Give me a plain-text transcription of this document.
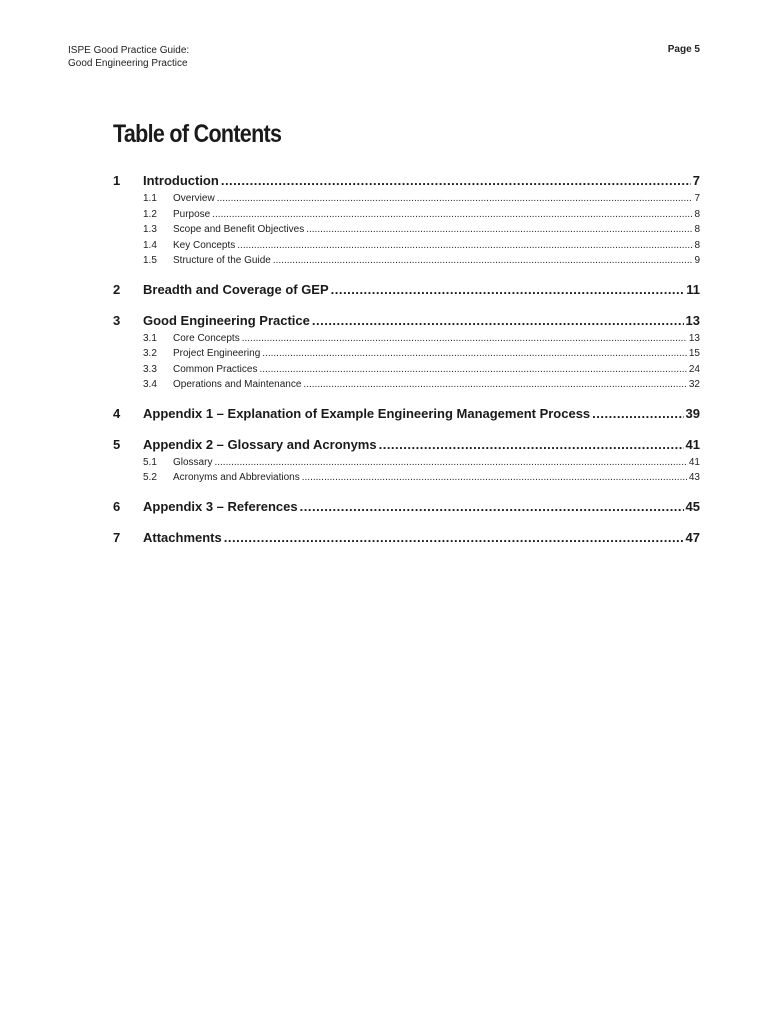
ISPE Good Practice Guide:
Good Engineering Practice
Page 5
Table of Contents
1	Introduction .....	7
1.1	Overview .....	7
1.2	Purpose .....	8
1.3	Scope and Benefit Objectives .....	8
1.4	Key Concepts .....	8
1.5	Structure of the Guide .....	9
2	Breadth and Coverage of GEP .....	11
3	Good Engineering Practice .....	13
3.1	Core Concepts .....	13
3.2	Project Engineering .....	15
3.3	Common Practices .....	24
3.4	Operations and Maintenance .....	32
4	Appendix 1 – Explanation of Example Engineering Management Process .....	39
5	Appendix 2 – Glossary and Acronyms .....	41
5.1	Glossary .....	41
5.2	Acronyms and Abbreviations .....	43
6	Appendix 3 – References .....	45
7	Attachments .....	47
